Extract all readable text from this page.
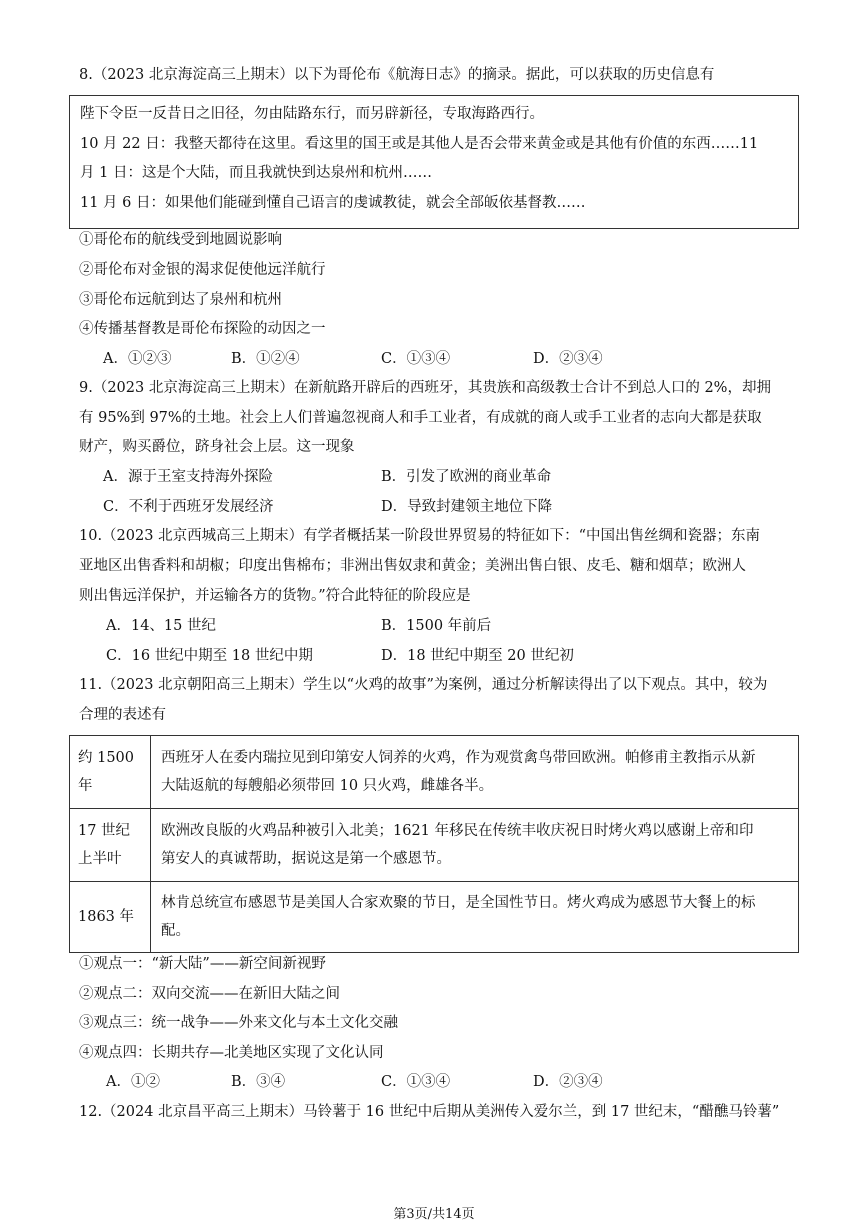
8.（2023 北京海淀高三上期末）以下为哥伦布《航海日志》的摘录。据此，可以获取的历史信息有
陛下令臣一反昔日之旧径，勿由陆路东行，而另辟新径，专取海路西行。
10 月 22 日：我整天都待在这里。看这里的国王或是其他人是否会带来黄金或是其他有价值的东西……11
月 1 日：这是个大陆，而且我就快到达泉州和杭州……
11 月 6 日：如果他们能碰到懂自己语言的虔诚教徒，就会全部皈依基督教……
①哥伦布的航线受到地圆说影响
②哥伦布对金银的渴求促使他远洋航行
③哥伦布远航到达了泉州和杭州
④传播基督教是哥伦布探险的动因之一
A．①②③	B．①②④	C．①③④	D．②③④
9.（2023 北京海淀高三上期末）在新航路开辟后的西班牙，其贵族和高级教士合计不到总人口的 2%，却拥
有 95%到 97%的土地。社会上人们普遍忽视商人和手工业者，有成就的商人或手工业者的志向大都是获取
财产，购买爵位，跻身社会上层。这一现象
A．源于王室支持海外探险	B．引发了欧洲的商业革命
C．不利于西班牙发展经济	D．导致封建领主地位下降
10.（2023 北京西城高三上期末）有学者概括某一阶段世界贸易的特征如下：“中国出售丝绸和瓷器；东南
亚地区出售香料和胡椒；印度出售棉布；非洲出售奴隶和黄金；美洲出售白银、皮毛、糖和烟草；欧洲人
则出售远洋保护，并运输各方的货物。”符合此特征的阶段应是
A．14、15 世纪	B．1500 年前后
C．16 世纪中期至 18 世纪中期	D．18 世纪中期至 20 世纪初
11.（2023 北京朝阳高三上期末）学生以“火鸡的故事”为案例，通过分析解读得出了以下观点。其中，较为
合理的表述有
约 1500 年	西班牙人在委内瑞拉见到印第安人饲养的火鸡，作为观赏禽鸟带回欧洲。帕修甫主教指示从新
大陆返航的每艘船必须带回 10 只火鸡，雌雄各半。

17 世纪上半叶	欧洲改良版的火鸡品种被引入北美；1621 年移民在传统丰收庆祝日时烤火鸡以感谢上帝和印
第安人的真诚帮助，据说这是第一个感恩节。

1863 年	林肯总统宣布感恩节是美国人合家欢聚的节日，是全国性节日。烤火鸡成为感恩节大餐上的标
配。
①观点一：“新大陆”——新空间新视野
②观点二：双向交流——在新旧大陆之间
③观点三：统一战争——外来文化与本土文化交融
④观点四：长期共存—北美地区实现了文化认同
A．①②	B．③④	C．①③④	D．②③④
12.（2024 北京昌平高三上期末）马铃薯于 16 世纪中后期从美洲传入爱尔兰，到 17 世纪末，“醋醮马铃薯”
第3页/共14页
